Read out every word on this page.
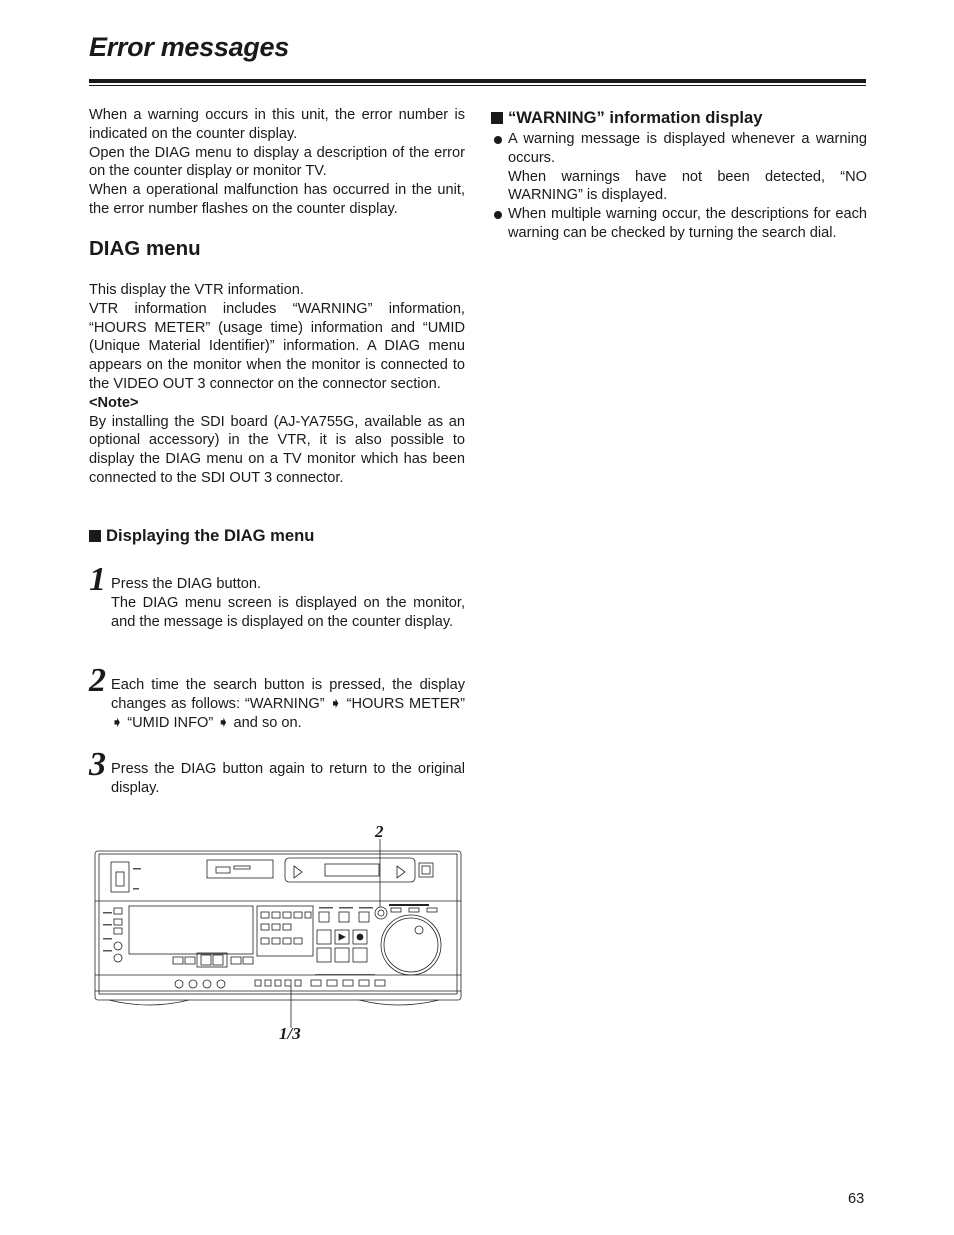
Error messages

When a warning occurs in this unit, the error number is indicated on the counter display.

Open the DIAG menu to display a description of the error on the counter display or monitor TV.

When a operational malfunction has occurred in the unit, the error number flashes on the counter display.

DIAG menu

This display the VTR information.

VTR information includes “WARNING” information, “HOURS METER” (usage time) information and “UMID (Unique Material Identifier)” information. A DIAG menu appears on the monitor when the monitor is connected to the VIDEO OUT 3 connector on the connector section.

<Note>

By installing the SDI board (AJ-YA755G, available as an optional accessory) in the VTR, it is also possible to display the DIAG menu on a TV monitor which has been connected to the SDI OUT 3 connector.

Displaying the DIAG menu
1 Press the DIAG button.

The DIAG menu screen is displayed on the monitor, and the message is displayed on the counter display.

2 Each time the search button is pressed, the display changes as follows: “WARNING” ➧ “HOURS METER” ➧ “UMID INFO” ➧ and so on.

3 Press the DIAG button again to return to the original display.

“WARNING” information display

A warning message is displayed whenever a warning occurs.

When warnings have not been detected, “NO WARNING” is displayed.

When multiple warning occur, the descriptions for each warning can be checked by turning the search dial.

2
1/3
63
